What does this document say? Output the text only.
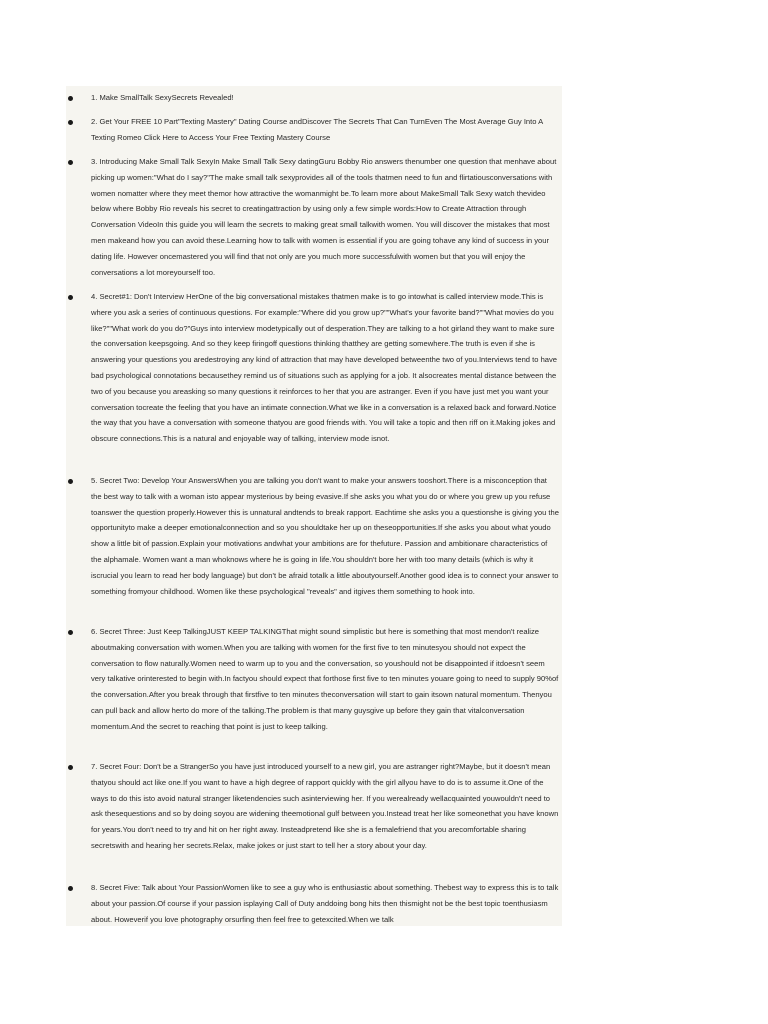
1. Make SmallTalk SexySecrets Revealed!

2. Get Your FREE 10 Part"Texting Mastery" Dating Course andDiscover The Secrets That Can TurnEven The Most Average Guy Into A Texting Romeo Click Here to Access Your Free Texting Mastery Course

3. Introducing Make Small Talk SexyIn Make Small Talk Sexy datingGuru Bobby Rio answers thenumber one question that menhave about picking up women:"What do I say?"The make small talk sexyprovides all of the tools thatmen need to fun and flirtatiousconversations with women nomatter where they meet themor how attractive the womanmight be.To learn more about MakeSmall Talk Sexy watch thevideo below where Bobby Rio reveals his secret to creatingattraction by using only a few simple words:How to Create Attraction through Conversation VideoIn this guide you will learn the secrets to making great small talkwith women. You will discover the mistakes that most men makeand how you can avoid these.Learning how to talk with women is essential if you are going tohave any kind of success in your dating life. However oncemastered you will find that not only are you much more successfulwith women but that you will enjoy the conversations a lot moreyourself too.

4. Secret#1: Don't Interview HerOne of the big conversational mistakes thatmen make is to go intowhat is called interview mode.This is where you ask a series of continuous questions. For example:"Where did you grow up?""What's your favorite band?""What movies do you like?""What work do you do?"Guys into interview modetypically out of desperation.They are talking to a hot girland they want to make sure the conversation keepsgoing. And so they keep firingoff questions thinking thatthey are getting somewhere.The truth is even if she is answering your questions you aredestroying any kind of attraction that may have developed betweenthe two of you.Interviews tend to have bad psychological connotations becausethey remind us of situations such as applying for a job. It alsocreates mental distance between the two of you because you areasking so many questions it reinforces to her that you are astranger. Even if you have just met you want your conversation tocreate the feeling that you have an intimate connection.What we like in a conversation is a relaxed back and forward.Notice the way that you have a conversation with someone thatyou are good friends with. You will take a topic and then riff on it.Making jokes and obscure connections.This is a natural and enjoyable way of talking, interview mode isnot.

5. Secret Two: Develop Your AnswersWhen you are talking you don't want to make your answers tooshort.There is a misconception that the best way to talk with a woman isto appear mysterious by being evasive.If she asks you what you do or where you grew up you refuse toanswer the question properly.However this is unnatural andtends to break rapport. Eachtime she asks you a questionshe is giving you the opportunityto make a deeper emotionalconnection and so you shouldtake her up on theseopportunities.If she asks you about what youdo show a little bit of passion.Explain your motivations andwhat your ambitions are for thefuture. Passion and ambitionare characteristics of the alphamale. Women want a man whoknows where he is going in life.You shouldn't bore her with too many details (which is why it iscrucial you learn to read her body language) but don't be afraid totalk a little aboutyourself.Another good idea is to connect your answer to something fromyour childhood. Women like these psychological "reveals" and itgives them something to hook into.

6. Secret Three: Just Keep TalkingJUST KEEP TALKINGThat might sound simplistic but here is something that most mendon't realize aboutmaking conversation with women.When you are talking with women for the first five to ten minutesyou should not expect the conversation to flow naturally.Women need to warm up to you and the conversation, so youshould not be disappointed if itdoesn't seem very talkative orinterested to begin with.In factyou should expect that forthose first five to ten minutes youare going to need to supply 90%of the conversation.After you break through that firstfive to ten minutes theconversation will start to gain itsown natural momentum. Thenyou can pull back and allow herto do more of the talking.The problem is that many guysgive up before they gain that vitalconversation momentum.And the secret to reaching that point is just to keep talking.

7. Secret Four: Don't be a StrangerSo you have just introduced yourself to a new girl, you are astranger right?Maybe, but it doesn't mean thatyou should act like one.If you want to have a high degree of rapport quickly with the girl allyou have to do is to assume it.One of the ways to do this isto avoid natural stranger liketendencies such asinterviewing her. If you werealready wellacquainted youwouldn't need to ask thesequestions and so by doing soyou are widening theemotional gulf between you.Instead treat her like someonethat you have known for years.You don't need to try and hit on her right away. Insteadpretend like she is a femalefriend that you arecomfortable sharing secretswith and hearing her secrets.Relax, make jokes or just start to tell her a story about your day.

8. Secret Five: Talk about Your PassionWomen like to see a guy who is enthusiastic about something. Thebest way to express this is to talk about your passion.Of course if your passion isplaying Call of Duty anddoing bong hits then thismight not be the best topic toenthusiasm about. Howeverif you love photography orsurfing then feel free to getexcited.When we talk
